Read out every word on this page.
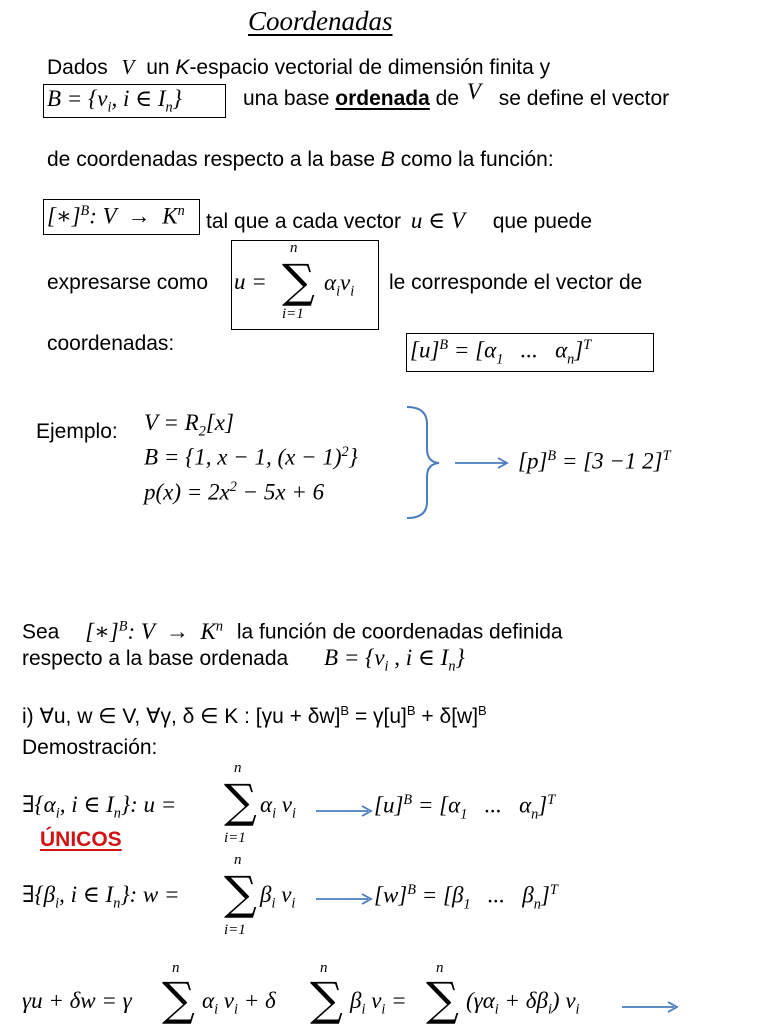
Coordenadas
Dados V un K-espacio vectorial de dimensión finita y
$B = \{v_i$, i ∈ $I_n$}	una base ordenada de V se define el vector
de coordenadas respecto a la base B como la función:
[∗]$^B$: $V \to K^n$ tal que a cada vector u ∈ V que puede
expresarse como u =
n
∑
i=1
$\alpha_iv_i$ le corresponde el vector de
coordenadas:	$[u]^B = [\alpha_1$ ...   $\alpha_n]^T$
Ejemplo: $V = R_2[x]$
B = {1, x − 1, $(x - 1)^2$}
$p(x) = 2x^2 - 5x + 6$
$[p]^B = [3 -1$ 2]$^T$
Sea [∗]$^B$: $V \to K^n$ la función de coordenadas definida
respecto a la base ordenada $B = \{v_i$ , i ∈ $I_n$}
i) ∀u, w ∈ V, ∀γ, δ ∈ K : $[\gamma u + \delta w]^B = \gamma[u]^B + \delta[w]^B$
Demostración:
$\exists\{\alpha_i$, i ∈ $I_n$}: u =
n
∑
i=1
$\alpha_i$ $v_i$	$[u]^B = [\alpha_1$ ...   $\alpha_n]^T$
ÚNICOS
$\exists\{\beta_i$, i ∈ $I_n$}: w =
n
∑
i=1
$\beta_i$ $v_i$	$[w]^B = [\beta_1$ ...   $\beta_n]^T$
γu + δw = γ
n
∑ $\alpha_i$ $v_i + \delta$
n
∑ $\beta_i$ $v_i$ =
n
∑ $(\gamma\alpha_i + \delta\beta_i)$ $v_i$
